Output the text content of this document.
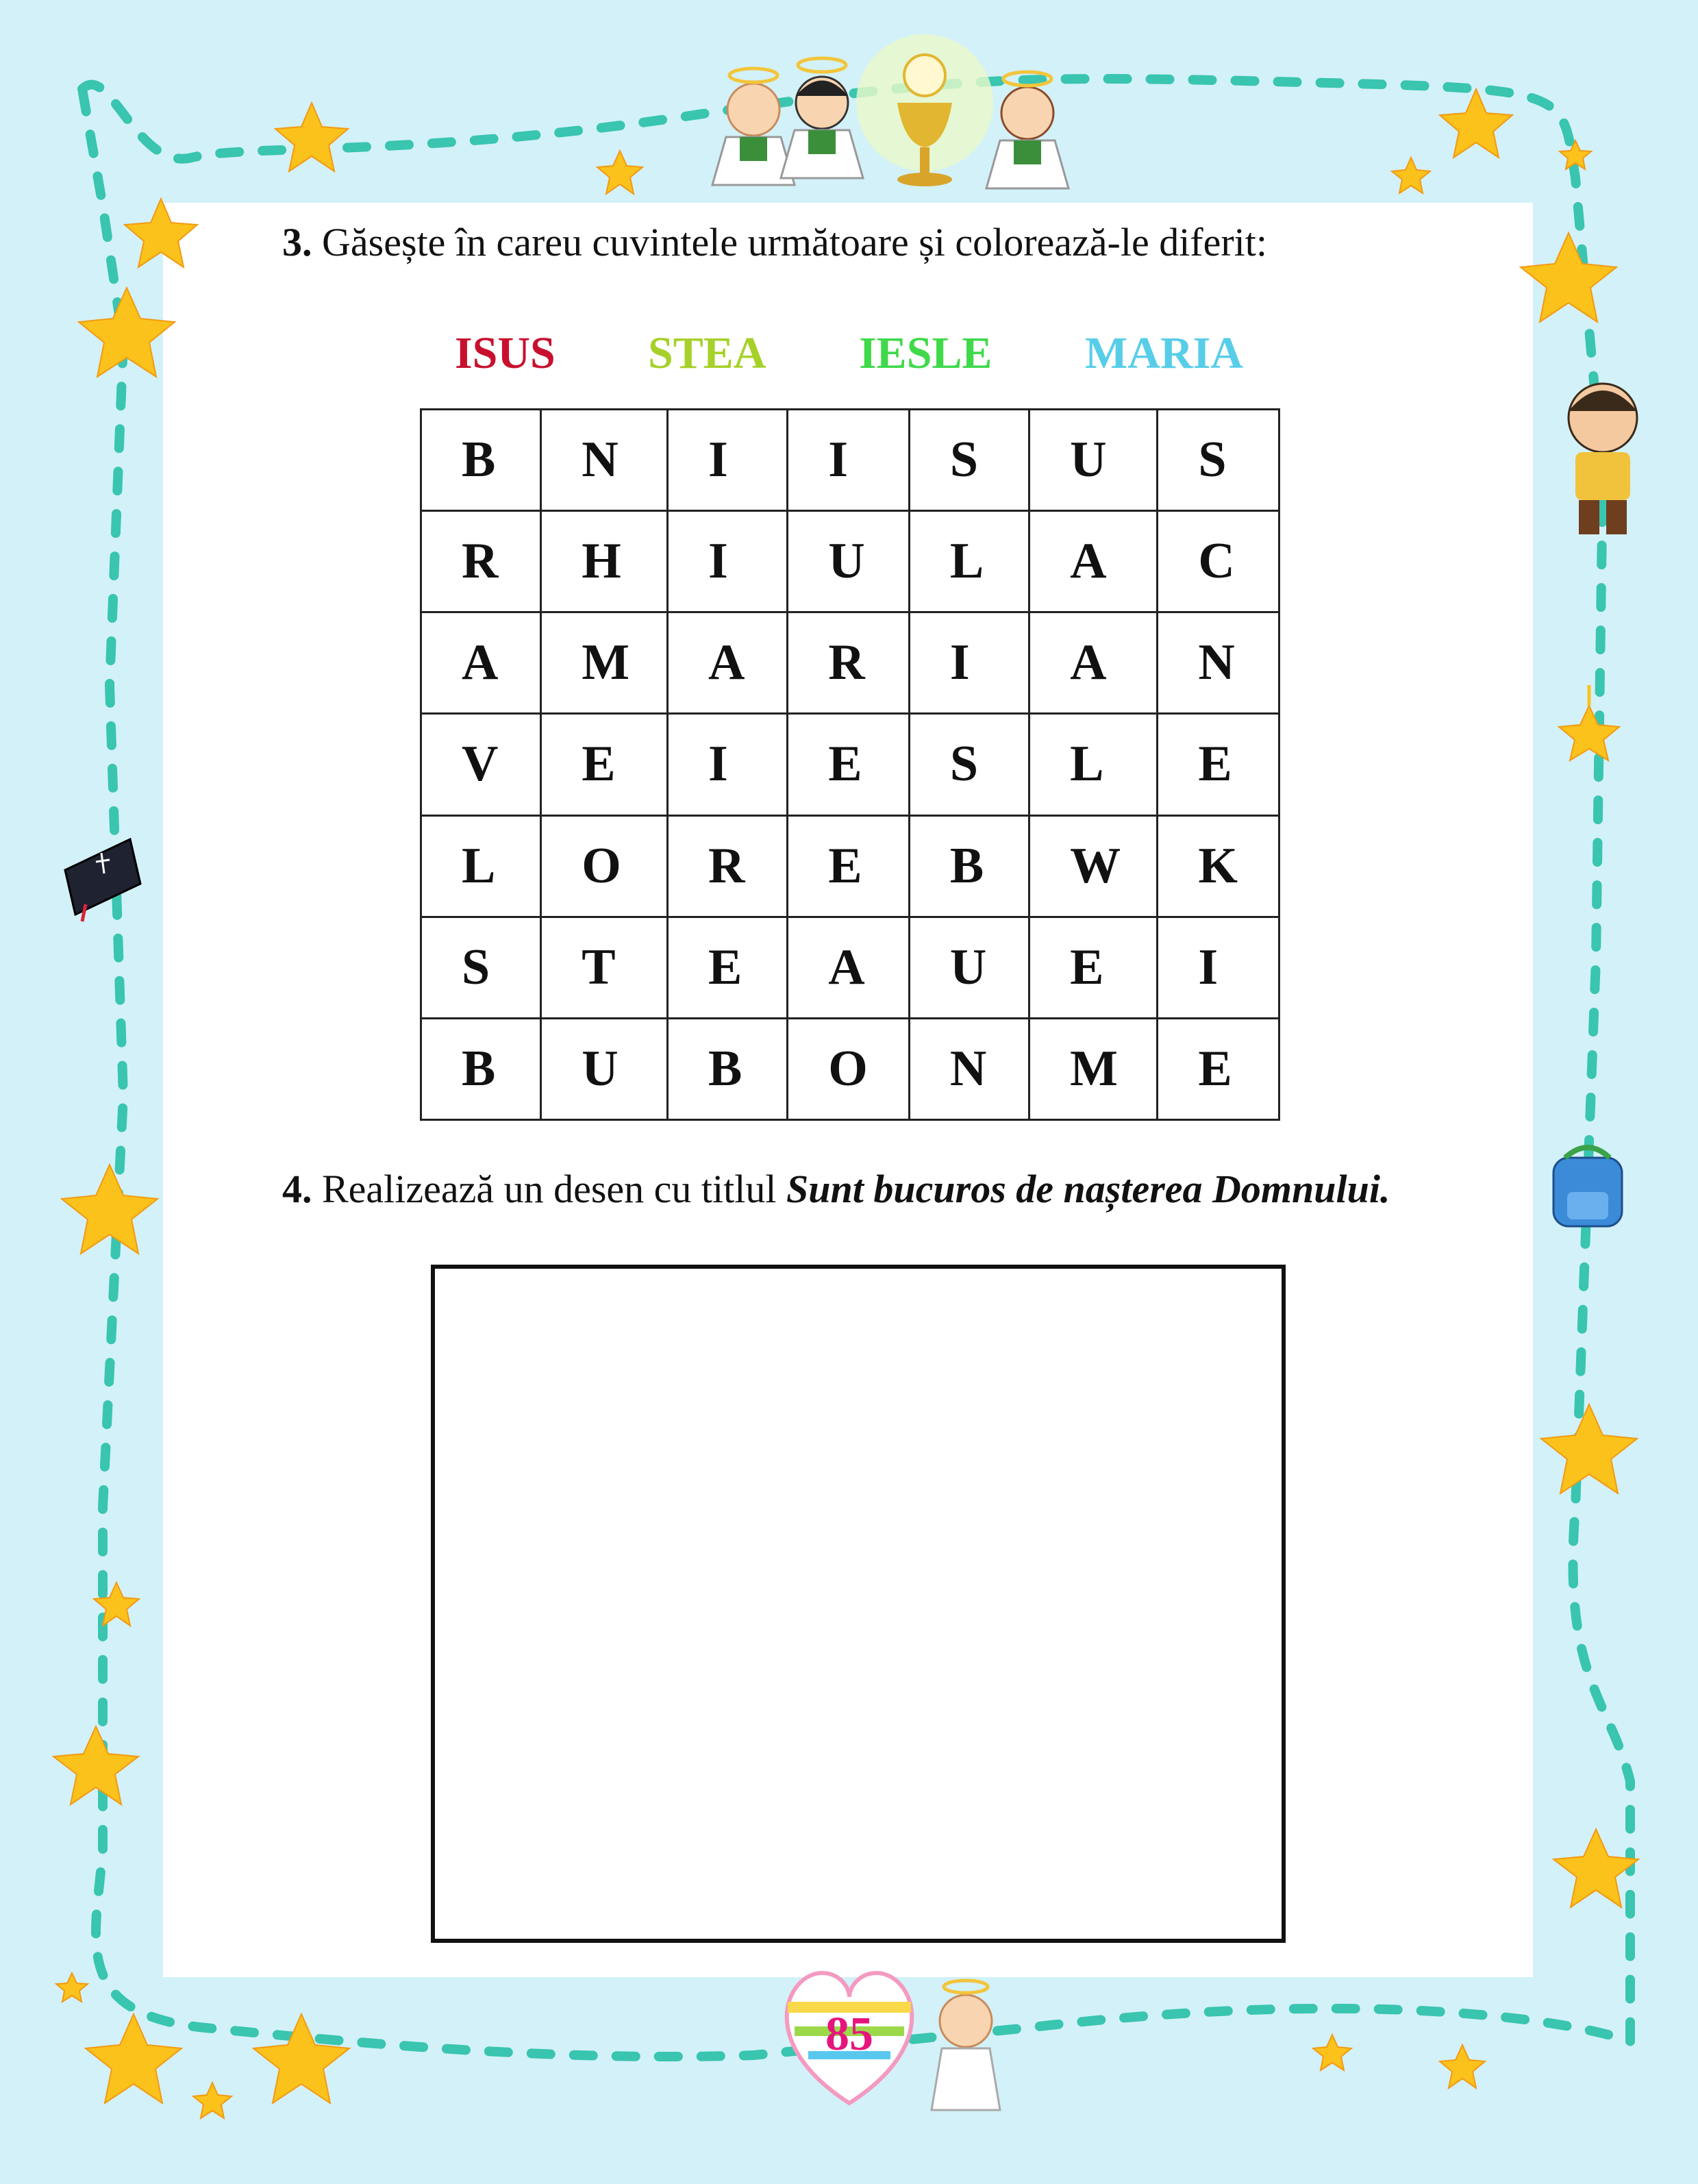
3. Găsește în careu cuvintele următoare și colorează-le diferit:
ISUS STEA IESLE MARIA
B	N	I	I	S	U	S
R	H	I	U	L	A	C
A	M	A	R	I	A	N
V	E	I	E	S	L	E
L	O	R	E	B	W	K
S	T	E	A	U	E	I
B	U	B	O	N	M	E
4. Realizează un desen cu titlul Sunt bucuros de nașterea Domnului.
85
